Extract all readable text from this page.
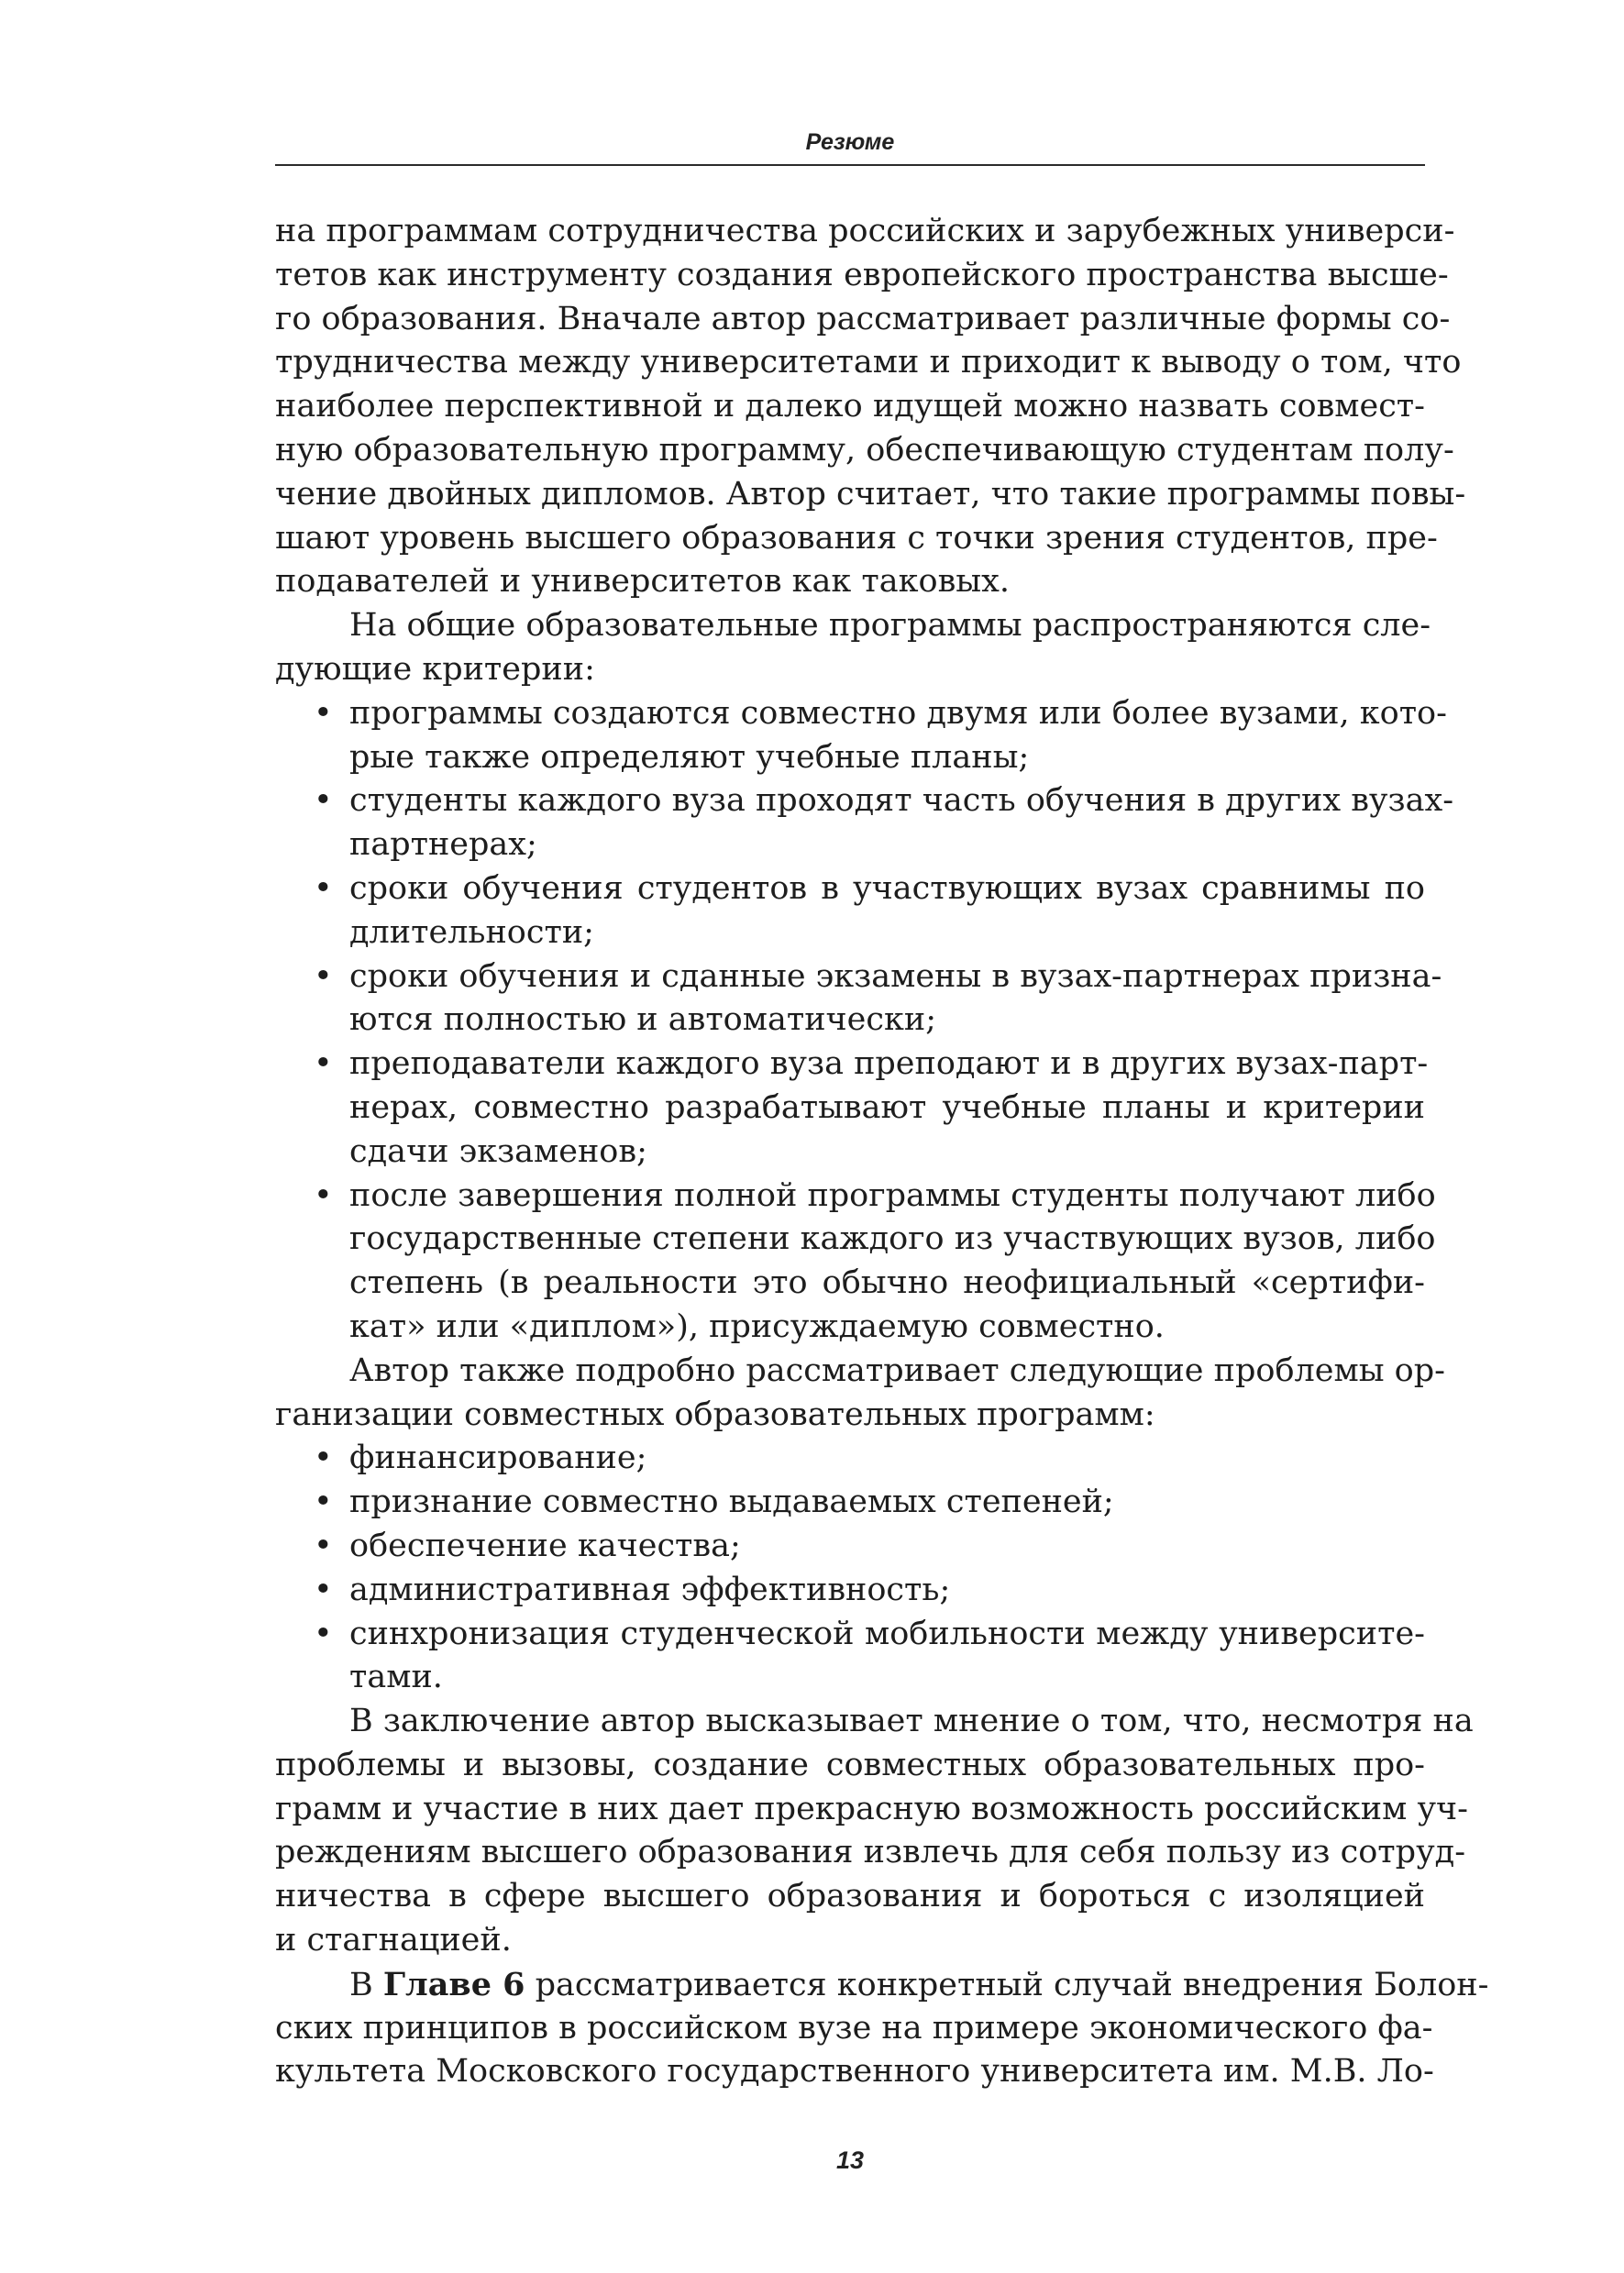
Резюме
на программам сотрудничества российских и зарубежных универси-
тетов как инструменту создания европейского пространства высше-
го образования. Вначале автор рассматривает различные формы со-
трудничества между университетами и приходит к выводу о том, что
наиболее перспективной и далеко идущей можно назвать совмест-
ную образовательную программу, обеспечивающую студентам полу-
чение двойных дипломов. Автор считает, что такие программы повы-
шают уровень высшего образования с точки зрения студентов, пре-
подавателей и университетов как таковых.
На общие образовательные программы распространяются сле-
дующие критерии:
• программы создаются совместно двумя или более вузами, кото-
рые также определяют учебные планы;
• студенты каждого вуза проходят часть обучения в других вузах-
партнерах;
• сроки обучения студентов в участвующих вузах сравнимы по
длительности;
• сроки обучения и сданные экзамены в вузах-партнерах призна-
ются полностью и автоматически;
• преподаватели каждого вуза преподают и в других вузах-парт-
нерах, совместно разрабатывают учебные планы и критерии
сдачи экзаменов;
• после завершения полной программы студенты получают либо
государственные степени каждого из участвующих вузов, либо
степень (в реальности это обычно неофициальный «сертифи-
кат» или «диплом»), присуждаемую совместно.
Автор также подробно рассматривает следующие проблемы ор-
ганизации совместных образовательных программ:
• финансирование;
• признание совместно выдаваемых степеней;
• обеспечение качества;
• административная эффективность;
• синхронизация студенческой мобильности между университе-
тами.
В заключение автор высказывает мнение о том, что, несмотря на
проблемы и вызовы, создание совместных образовательных про-
грамм и участие в них дает прекрасную возможность российским уч-
реждениям высшего образования извлечь для себя пользу из сотруд-
ничества в сфере высшего образования и бороться с изоляцией
и стагнацией.
В Главе 6 рассматривается конкретный случай внедрения Болон-
ских принципов в российском вузе на примере экономического фа-
культета Московского государственного университета им. М.В. Ло-
13
